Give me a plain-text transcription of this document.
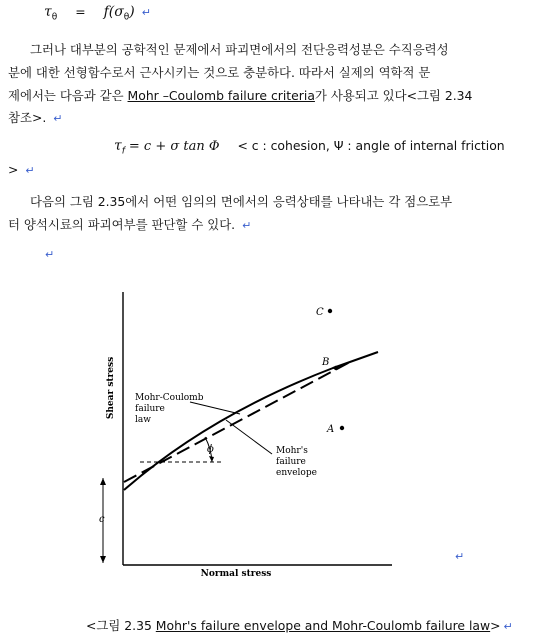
$\tau_\theta = f(\sigma_\theta)$ ↵
그러나 대부분의 공학적인 문제에서 파괴면에서의 전단응력성분은 수직응력성
분에 대한 선형함수로서 근사시키는 것으로 충분하다. 따라서 실제의 역학적 문
제에서는 다음과 같은 Mohr –Coulomb failure criteria가 사용되고 있다<그림 2.34
참조>. ↵
$\tau_f = c + \sigma$ tan Φ < c : cohesion, Ψ : angle of internal friction
> ↵
다음의 그림 2.35에서 어떤 임의의 면에서의 응력상태를 나타내는 각 점으로부
터 양석시료의 파괴여부를 판단할 수 있다. ↵
↵
Shear stress
Normal stress
ϕ
c
C
B
A
Mohr-Coulomb
failure
law
Mohr's
failure
envelope
↵
<그림 2.35 Mohr's failure envelope and Mohr-Coulomb failure law> ↵
